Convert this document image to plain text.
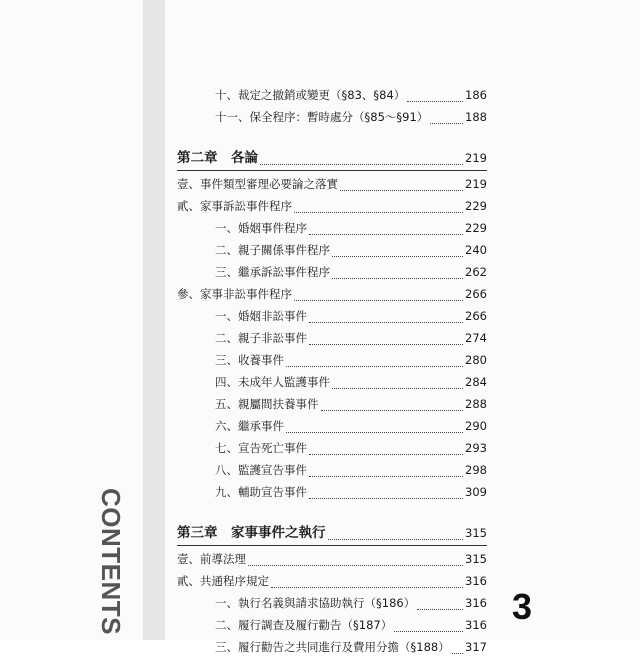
CONTENTS
十、裁定之撤銷或變更（§83、§84）	186
十一、保全程序：暫時處分（§85～§91）	188
第二章　各論	219
壹、事件類型審理必要論之落實	219
貳、家事訴訟事件程序	229
一、婚姻事件程序	229
二、親子關係事件程序	240
三、繼承訴訟事件程序	262
參、家事非訟事件程序	266
一、婚姻非訟事件	266
二、親子非訟事件	274
三、收養事件	280
四、未成年人監護事件	284
五、親屬間扶養事件	288
六、繼承事件	290
七、宣告死亡事件	293
八、監護宣告事件	298
九、輔助宣告事件	309
第三章　家事事件之執行	315
壹、前導法理	315
貳、共通程序規定	316
一、執行名義與請求協助執行（§186）	316
二、履行調查及履行勸告（§187）	316
三、履行勸告之共同進行及費用分擔（§188） 317
3
